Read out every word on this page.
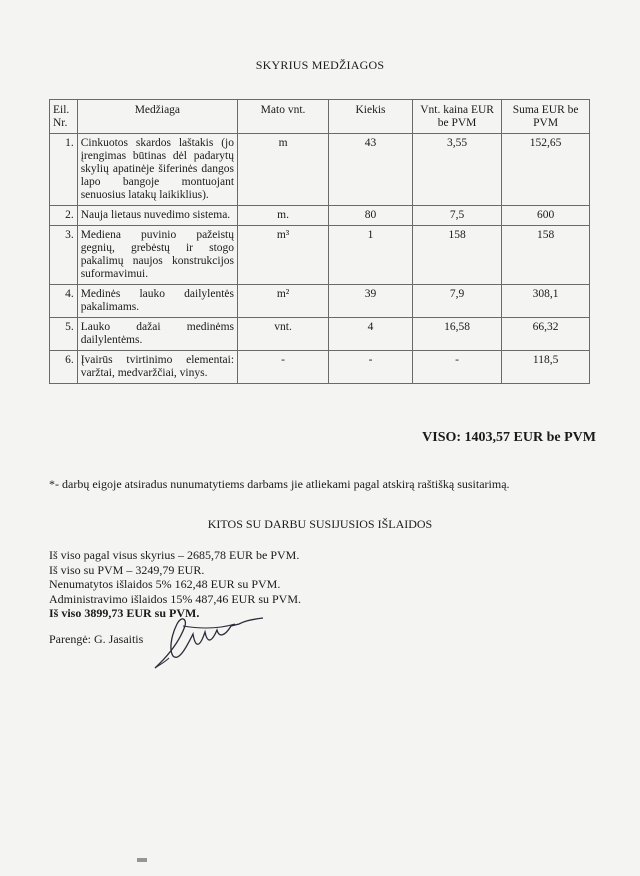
SKYRIUS MEDŽIAGOS
Eil. Nr.	Medžiaga	Mato vnt.	Kiekis	Vnt. kaina EUR be PVM	Suma EUR be PVM
1.	Cinkuotos skardos laštakis (jo įrengimas būtinas dėl padarytų skylių apatinėje šiferinės dangos lapo bangoje montuojant senuosius latakų laikiklius).	m	43	3,55	152,65
2.	Nauja lietaus nuvedimo sistema.	m.	80	7,5	600
3.	Mediena puvinio pažeistų gegnių, grebėstų ir stogo pakalimų naujos konstrukcijos suformavimui.	m³	1	158	158
4.	Medinės lauko dailylentės pakalimams.	m²	39	7,9	308,1
5.	Lauko dažai medinėms dailylentėms.	vnt.	4	16,58	66,32
6.	Įvairūs tvirtinimo elementai: varžtai, medvaržčiai, vinys.	-	-	-	118,5
VISO: 1403,57 EUR be PVM
*- darbų eigoje atsiradus nunumatytiems darbams jie atliekami pagal atskirą raštišką susitarimą.
KITOS SU DARBU SUSIJUSIOS IŠLAIDOS
Iš viso pagal visus skyrius – 2685,78 EUR be PVM.
Iš viso su PVM – 3249,79 EUR.
Nenumatytos išlaidos 5% 162,48 EUR su PVM.
Administravimo išlaidos 15% 487,46 EUR su PVM.
Iš viso 3899,73 EUR su PVM.
Parengė: G. Jasaitis
